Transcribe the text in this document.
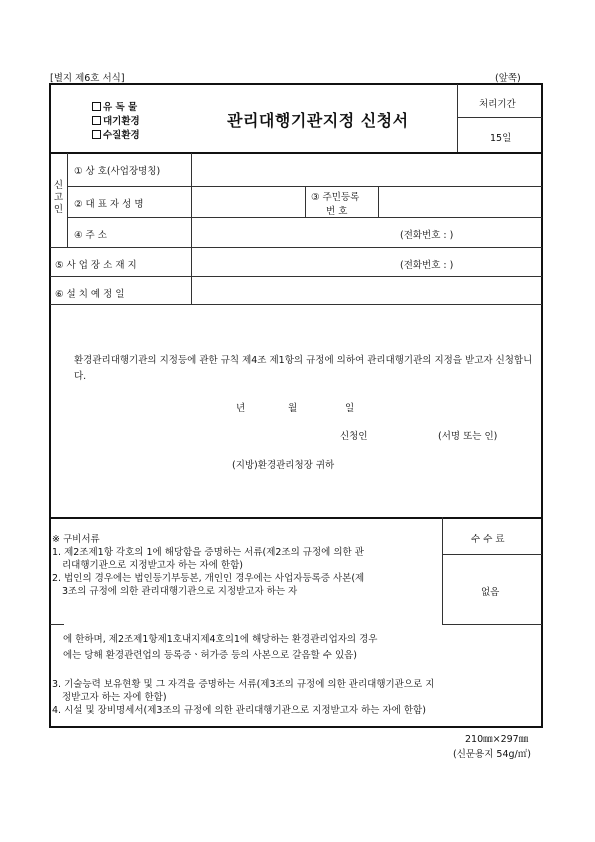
[별지 제6호 서식]	(앞쪽)
유 독 물
대기환경
수질환경
관리대행기관지정 신청서
처리기간
15일
신고인
① 상 호(사업장명칭)
② 대 표 자 성 명
③ 주민등록
번 호
④ 주 소	(전화번호 : )
⑤ 사 업 장 소 재 지	(전화번호 : )
⑥ 설 치 예 정 일
환경관리대행기관의 지정등에 관한 규칙 제4조 제1항의 규정에 의하여 관리대행기관의 지정을 받고자 신청합니다.
년	월	일
신청인	(서명 또는 인)
(지방)환경관리청장 귀하
수 수 료
없음
※ 구비서류
1. 제2조제1항 각호의 1에 해당함을 증명하는 서류(제2조의 규정에 의한 관
리대행기관으로 지정받고자 하는 자에 한함)
2. 법인의 경우에는 법인등기부등본, 개인인 경우에는 사업자등록증 사본(제
3조의 규정에 의한 관리대행기관으로 지정받고자 하는 자
에 한하며, 제2조제1항제1호내지제4호의1에 해당하는 환경관리업자의 경우
에는 당해 환경관련업의 등록증ㆍ허가증 등의 사본으로 갈음할 수 있음)
3. 기술능력 보유현황 및 그 자격을 증명하는 서류(제3조의 규정에 의한 관리대행기관으로 지
정받고자 하는 자에 한함)
4. 시설 및 장비명세서(제3조의 규정에 의한 관리대행기관으로 지정받고자 하는 자에 한함)
210㎜×297㎜
(신문용지 54g/㎡)
